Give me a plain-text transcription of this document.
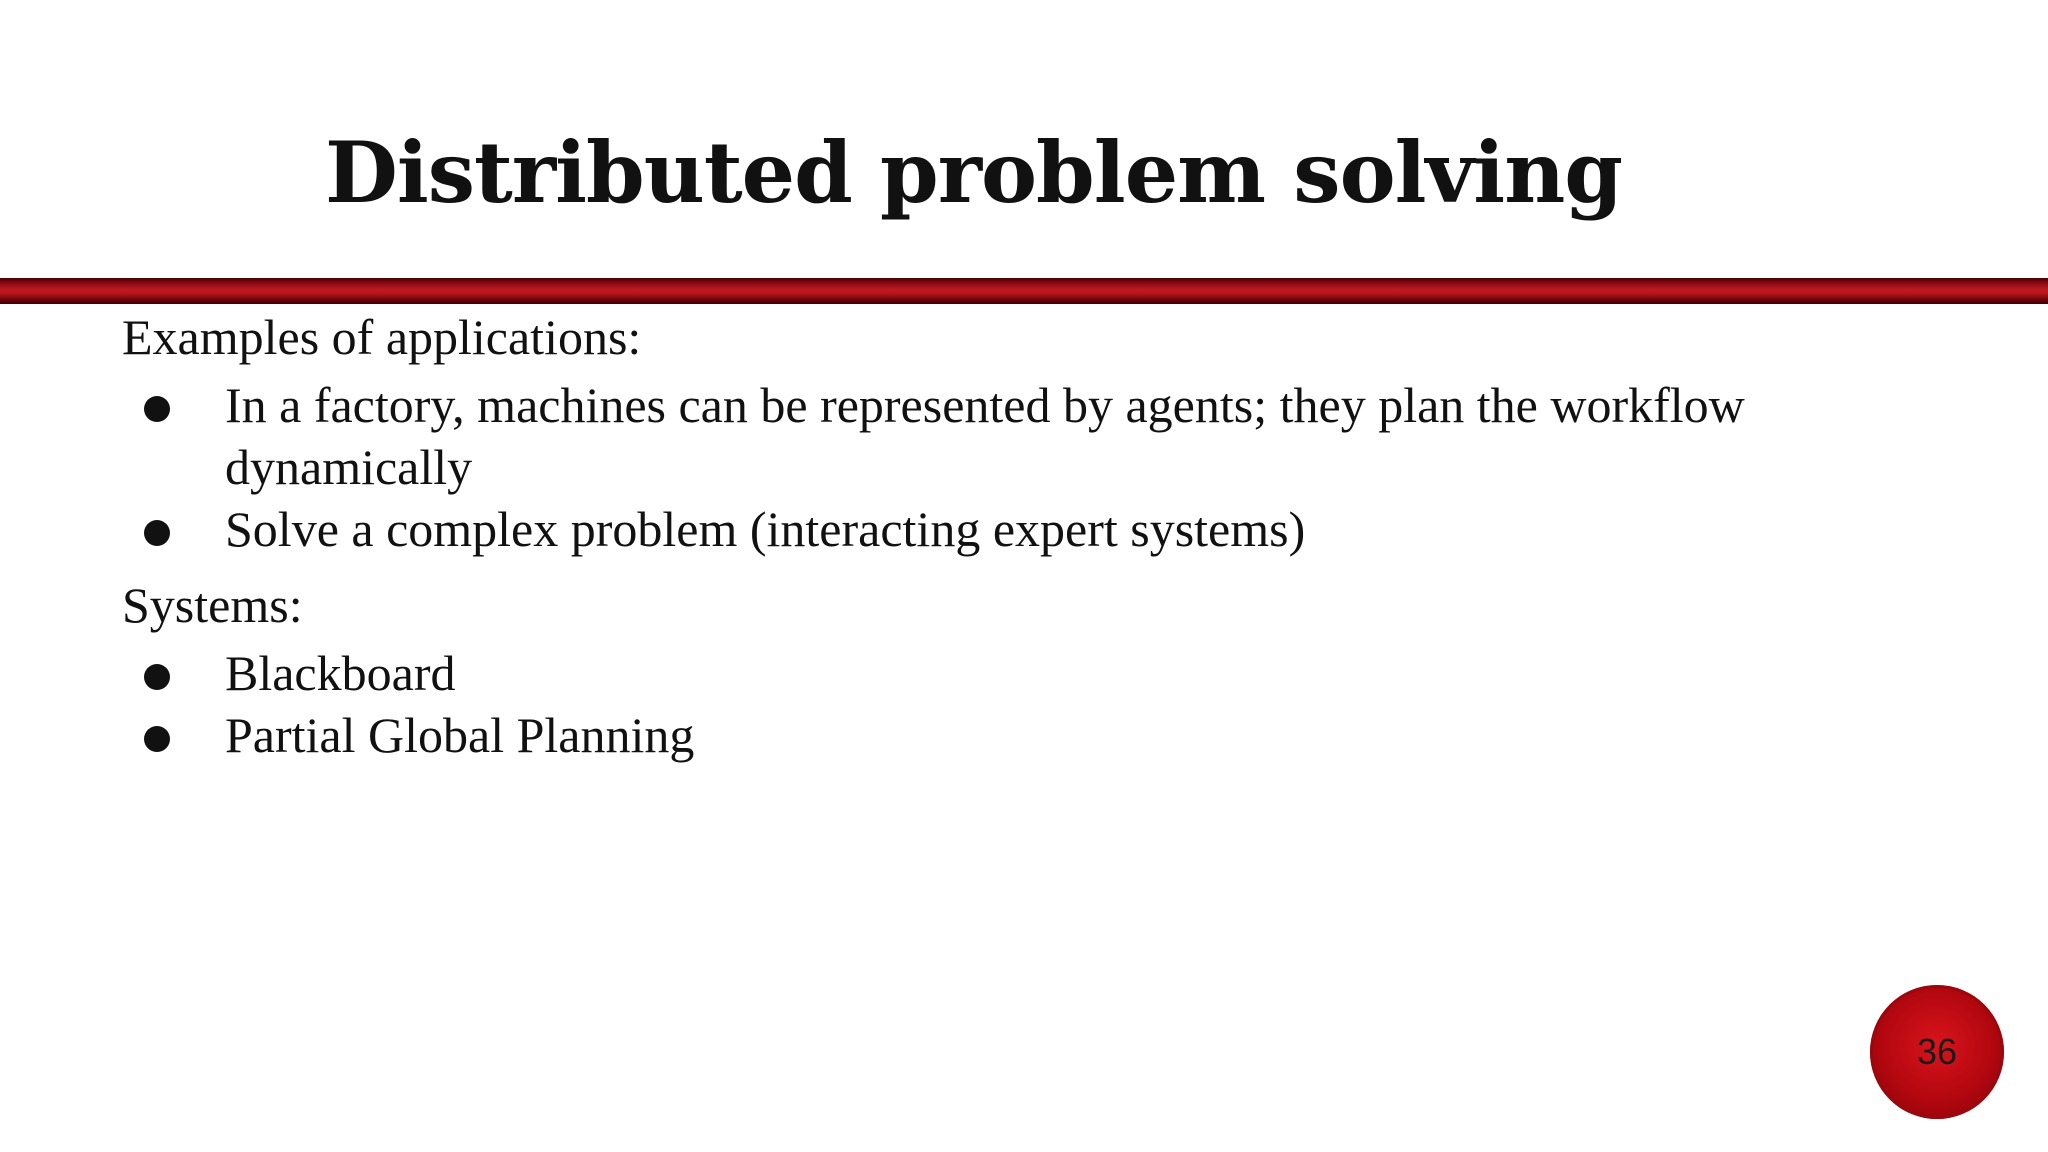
Distributed problem solving

Examples of applications:

In a factory, machines can be represented by agents; they plan the workflow dynamically
Solve a complex problem (interacting expert systems)

Systems:

Blackboard
Partial Global Planning
36
